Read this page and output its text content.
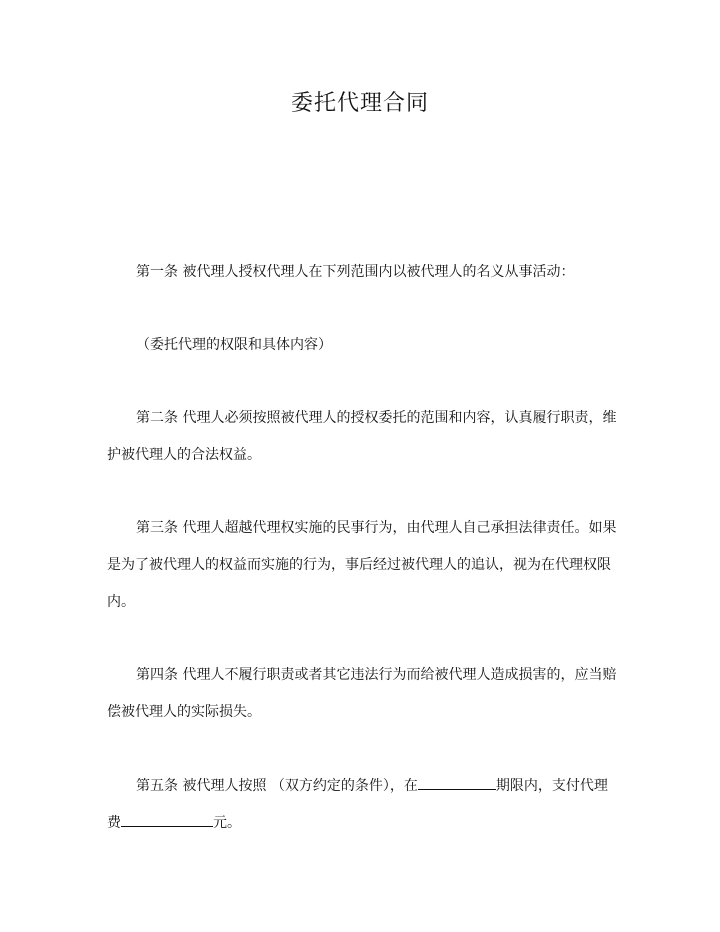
委托代理合同

第一条 被代理人授权代理人在下列范围内以被代理人的名义从事活动：

（委托代理的权限和具体内容）

第二条 代理人必须按照被代理人的授权委托的范围和内容，认真履行职责，维

护被代理人的合法权益。

第三条 代理人超越代理权实施的民事行为，由代理人自己承担法律责任。如果

是为了被代理人的权益而实施的行为，事后经过被代理人的追认，视为在代理权限

内。

第四条 代理人不履行职责或者其它违法行为而给被代理人造成损害的，应当赔

偿被代理人的实际损失。

第五条 被代理人按照 （双方约定的条件），在	期限内，支付代理

费	元。
